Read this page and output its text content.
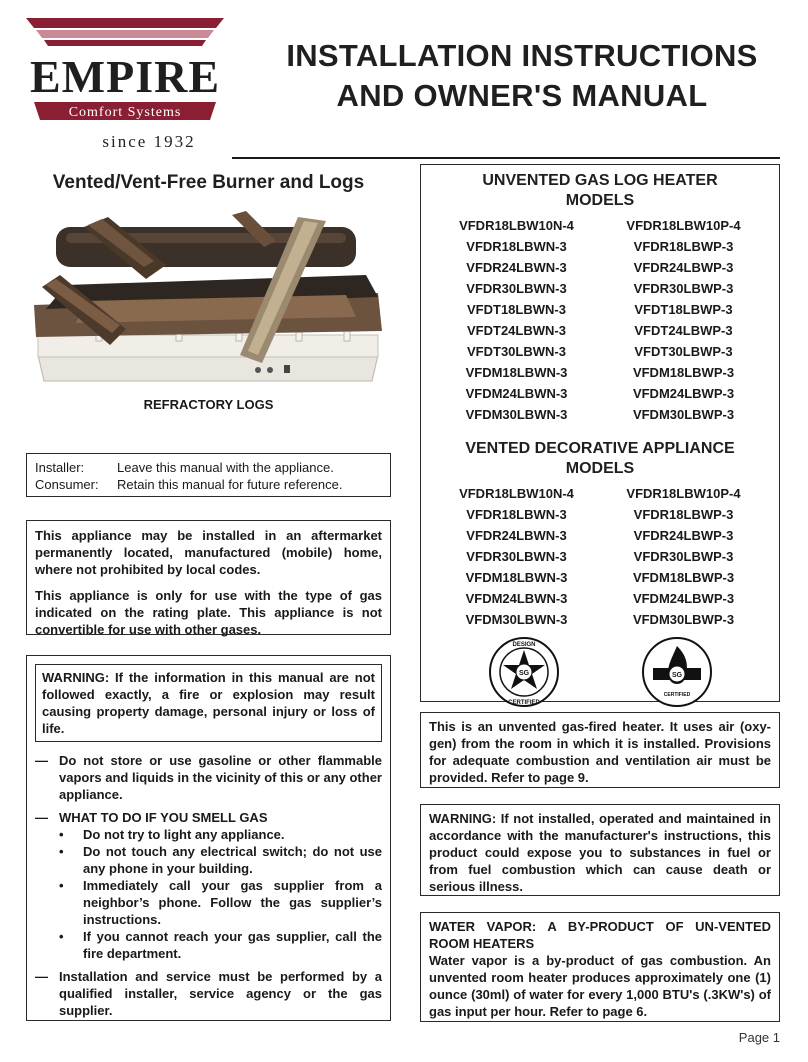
EMPIRE
Comfort Systems
since 1932
INSTALLATION INSTRUCTIONS
AND OWNER'S MANUAL
Vented/Vent-Free Burner and Logs
REFRACTORY LOGS
Installer:	Leave this manual with the appliance.
Consumer:	Retain this manual for future reference.

This appliance may be installed in an aftermarket permanently located, manufactured (mobile) home, where not prohibited by local codes.

This appliance is only for use with the type of gas indicated on the rating plate. This appliance is not convertible for use with other gases.

WARNING: If the information in this manual are not followed exactly, a fire or explosion may result causing property damage, personal injury or loss of life.
— Do not store or use gasoline or other flammable vapors and liquids in the vicinity of this or any other appliance.
— WHAT TO DO IF YOU SMELL GAS
•	Do not try to light any appliance.
•	Do not touch any electrical switch; do not use any phone in your building.
•	Immediately call your gas supplier from a neighbor’s phone. Follow the gas supplier’s instructions.
•	If you cannot reach your gas supplier, call the fire department.
— Installation and service must be performed by a qualified installer, service agency or the gas supplier.
UNVENTED GAS LOG HEATER
MODELS
VFDR18LBW10N-4	VFDR18LBW10P-4
VFDR18LBWN-3	VFDR18LBWP-3
VFDR24LBWN-3	VFDR24LBWP-3
VFDR30LBWN-3	VFDR30LBWP-3
VFDT18LBWN-3	VFDT18LBWP-3
VFDT24LBWN-3	VFDT24LBWP-3
VFDT30LBWN-3	VFDT30LBWP-3
VFDM18LBWN-3	VFDM18LBWP-3
VFDM24LBWN-3	VFDM24LBWP-3
VFDM30LBWN-3	VFDM30LBWP-3
VENTED DECORATIVE APPLIANCE
MODELS
VFDR18LBW10N-4	VFDR18LBW10P-4
VFDR18LBWN-3	VFDR18LBWP-3
VFDR24LBWN-3	VFDR24LBWP-3
VFDR30LBWN-3	VFDR30LBWP-3
VFDM18LBWN-3	VFDM18LBWP-3
VFDM24LBWN-3	VFDM24LBWP-3
VFDM30LBWN-3	VFDM30LBWP-3
SG
DESIGN
CERTIFIED
SG
CERTIFIED

This is an unvented gas-fired heater. It uses air (oxy-gen) from the room in which it is installed. Provisions for adequate combustion and ventilation air must be provided. Refer to page 9.

WARNING: If not installed, operated and maintained in accordance with the manufacturer's instructions, this product could expose you to substances in fuel or from fuel combustion which can cause death or serious illness.

WATER VAPOR: A BY-PRODUCT OF UN-VENTED ROOM HEATERS

Water vapor is a by-product of gas combustion. An unvented room heater produces approximately one (1) ounce (30ml) of water for every 1,000 BTU's (.3KW's) of gas input per hour. Refer to page 6.

Page 1
